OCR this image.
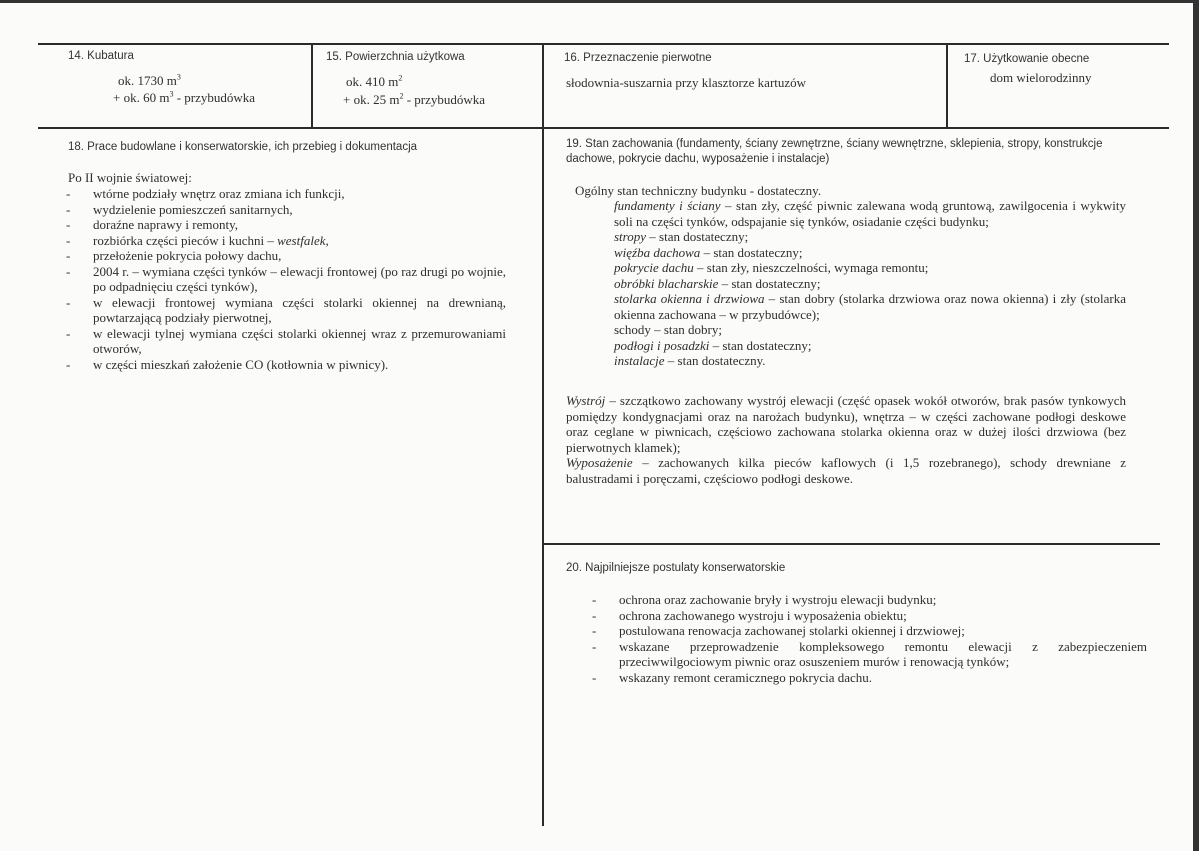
14. Kubatura
ok. 1730 $m^3$
+ ok. 60 $m^3$ - przybudówka
15. Powierzchnia użytkowa
ok. 410 $m^2$
+ ok. 25 $m^2$ - przybudówka
16. Przeznaczenie pierwotne
słodownia-suszarnia przy klasztorze kartuzów
17. Użytkowanie obecne
dom wielorodzinny
18. Prace budowlane i konserwatorskie, ich przebieg i dokumentacja
Po II wojnie światowej:
- wtórne podziały wnętrz oraz zmiana ich funkcji,
- wydzielenie pomieszczeń sanitarnych,
- doraźne naprawy i remonty,
- rozbiórka części pieców i kuchni – westfalek,
- przełożenie pokrycia połowy dachu,
- 2004 r. – wymiana części tynków – elewacji frontowej (po raz drugi po wojnie, po odpadnięciu części tynków),
- w elewacji frontowej wymiana części stolarki okiennej na drewnianą, powtarzającą podziały pierwotnej,
- w elewacji tylnej wymiana części stolarki okiennej wraz z przemurowaniami otworów,
- w części mieszkań założenie CO (kotłownia w piwnicy).
19. Stan zachowania (fundamenty, ściany zewnętrzne, ściany wewnętrzne, sklepienia, stropy, konstrukcje dachowe, pokrycie dachu, wyposażenie i instalacje)
Ogólny stan techniczny budynku - dostateczny.
fundamenty i ściany – stan zły, część piwnic zalewana wodą gruntową, zawilgocenia i wykwity soli na części tynków, odspajanie się tynków, osiadanie części budynku;
stropy – stan dostateczny;
więźba dachowa – stan dostateczny;
pokrycie dachu – stan zły, nieszczelności, wymaga remontu;
obróbki blacharskie – stan dostateczny;
stolarka okienna i drzwiowa – stan dobry (stolarka drzwiowa oraz nowa okienna) i zły (stolarka okienna zachowana – w przybudówce);
schody – stan dobry;
podłogi i posadzki – stan dostateczny;
instalacje – stan dostateczny.
Wystrój – szczątkowo zachowany wystrój elewacji (część opasek wokół otworów, brak pasów tynkowych pomiędzy kondygnacjami oraz na narożach budynku), wnętrza – w części zachowane podłogi deskowe oraz ceglane w piwnicach, częściowo zachowana stolarka okienna oraz w dużej ilości drzwiowa (bez pierwotnych klamek);
Wyposażenie – zachowanych kilka pieców kaflowych (i 1,5 rozebranego), schody drewniane z balustradami i poręczami, częściowo podłogi deskowe.
20. Najpilniejsze postulaty konserwatorskie
- ochrona oraz zachowanie bryły i wystroju elewacji budynku;
- ochrona zachowanego wystroju i wyposażenia obiektu;
- postulowana renowacja zachowanej stolarki okiennej i drzwiowej;
- wskazane przeprowadzenie kompleksowego remontu elewacji z zabezpieczeniem przeciwwilgociowym piwnic oraz osuszeniem murów i renowacją tynków;
- wskazany remont ceramicznego pokrycia dachu.
